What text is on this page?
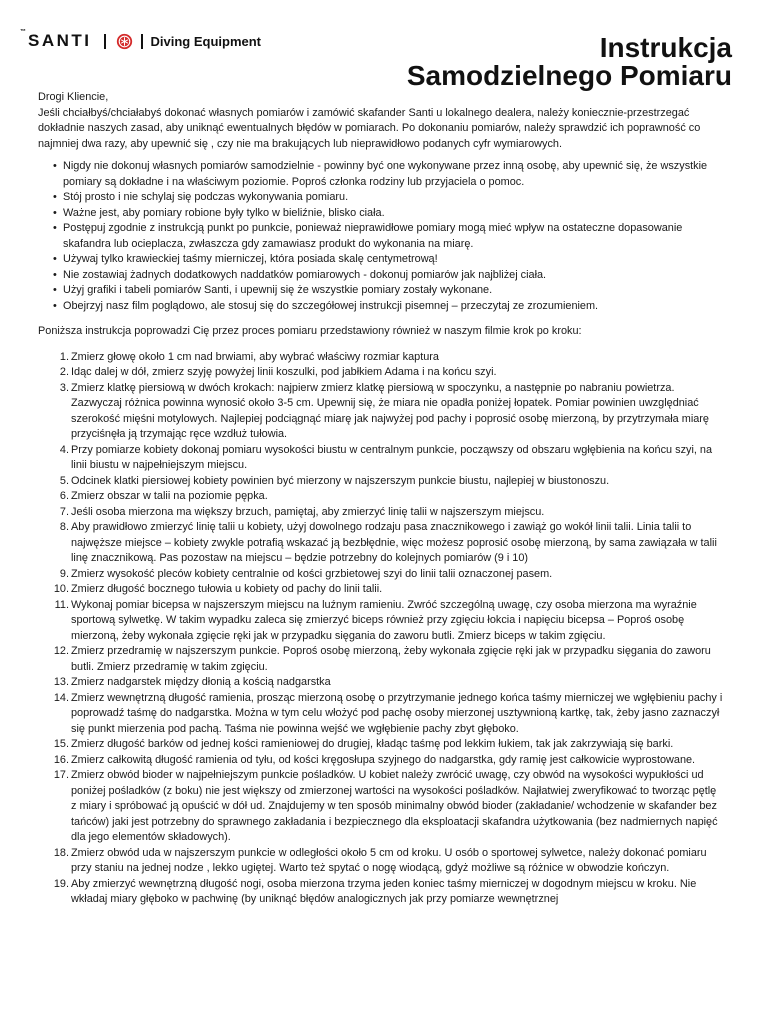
™ SANTI	Diving Equipment	Instrukcja
Samodzielnego Pomiaru

Drogi Kliencie,

Jeśli chciałbyś/chciałabyś dokonać własnych pomiarów i zamówić skafander Santi u lokalnego dealera, należy koniecznie-przestrzegać dokładnie naszych zasad, aby uniknąć ewentualnych błędów w pomiarach. Po dokonaniu pomiarów, należy sprawdzić ich poprawność co najmniej dwa razy, aby upewnić się , czy nie ma brakujących lub nieprawidłowo podanych cyfr wymiarowych.

• Nigdy nie dokonuj własnych pomiarów samodzielnie - powinny być one wykonywane przez inną osobę, aby upewnić się, że wszystkie pomiary są dokładne i na właściwym poziomie. Poproś członka rodziny lub przyjaciela o pomoc.
• Stój prosto i nie schylaj się podczas wykonywania pomiaru.
• Ważne jest, aby pomiary robione były tylko w bieliźnie, blisko ciała.
• Postępuj zgodnie z instrukcją punkt po punkcie, ponieważ nieprawidłowe pomiary mogą mieć wpływ na ostateczne dopasowanie skafandra lub ocieplacza, zwłaszcza gdy zamawiasz produkt do wykonania na miarę.
• Używaj tylko krawieckiej taśmy mierniczej, która posiada skalę centymetrową!
• Nie zostawiaj żadnych dodatkowych naddatków pomiarowych - dokonuj pomiarów jak najbliżej ciała.
• Użyj grafiki i tabeli pomiarów Santi, i upewnij się że wszystkie pomiary zostały wykonane.
• Obejrzyj nasz film poglądowo, ale stosuj się do szczegółowej instrukcji pisemnej – przeczytaj ze zrozumieniem.

Poniższa instrukcja poprowadzi Cię przez proces pomiaru przedstawiony również w naszym filmie krok po kroku:

1. Zmierz głowę około 1 cm nad brwiami, aby wybrać właściwy rozmiar kaptura
2. Idąc dalej w dół, zmierz szyję powyżej linii koszulki, pod jabłkiem Adama i na końcu szyi.
3. Zmierz klatkę piersiową w dwóch krokach: najpierw zmierz klatkę piersiową w spoczynku, a następnie po nabraniu powietrza. Zazwyczaj różnica powinna wynosić około 3-5 cm. Upewnij się, że miara nie opadła poniżej łopatek. Pomiar powinien uwzględniać szerokość mięśni motylowych. Najlepiej podciągnąć miarę jak najwyżej pod pachy i poprosić osobę mierzoną, by przytrzymała miarę przyciśnęła ją trzymając ręce wzdłuż tułowia.
4. Przy pomiarze kobiety dokonaj pomiaru wysokości biustu w centralnym punkcie, począwszy od obszaru wgłębienia na końcu szyi, na linii biustu w najpełniejszym miejscu.
5. Odcinek klatki piersiowej kobiety powinien być mierzony w najszerszym punkcie biustu, najlepiej w biustonoszu.
6. Zmierz obszar w talii na poziomie pępka.
7. Jeśli osoba mierzona ma większy brzuch, pamiętaj, aby zmierzyć linię talii w najszerszym miejscu.
8. Aby prawidłowo zmierzyć linię talii u kobiety, użyj dowolnego rodzaju pasa znacznikowego i zawiąż go wokół linii talii. Linia talii to najwęższe miejsce – kobiety zwykle potrafią wskazać ją bezbłędnie, więc możesz poprosić osobę mierzoną, by sama zawiązała w talii linę znacznikową. Pas pozostaw na miejscu – będzie potrzebny do kolejnych pomiarów (9 i 10)
9. Zmierz wysokość pleców kobiety centralnie od kości grzbietowej szyi do linii talii oznaczonej pasem.
10. Zmierz długość bocznego tułowia u kobiety od pachy do linii talii.
11. Wykonaj pomiar bicepsa w najszerszym miejscu na luźnym ramieniu. Zwróć szczególną uwagę, czy osoba mierzona ma wyraźnie sportową sylwetkę. W takim wypadku zaleca się zmierzyć biceps również przy zgięciu łokcia i napięciu bicepsa – Poproś osobę mierzoną, żeby wykonała zgięcie ręki jak w przypadku sięgania do zaworu butli. Zmierz biceps w takim zgięciu.
12. Zmierz przedramię w najszerszym punkcie. Poproś osobę mierzoną, żeby wykonała zgięcie ręki jak w przypadku sięgania do zaworu butli. Zmierz przedramię w takim zgięciu.
13. Zmierz nadgarstek między dłonią a kością nadgarstka
14. Zmierz wewnętrzną długość ramienia, prosząc mierzoną osobę o przytrzymanie jednego końca taśmy mierniczej we wgłębieniu pachy i poprowadź taśmę do nadgarstka. Można w tym celu włożyć pod pachę osoby mierzonej usztywnioną kartkę, tak, żeby jasno zaznaczył się punkt mierzenia pod pachą. Taśma nie powinna wejść we wgłębienie pachy zbyt głęboko.
15. Zmierz długość barków od jednej kości ramieniowej do drugiej, kładąc taśmę pod lekkim łukiem, tak jak zakrzywiają się barki.
16. Zmierz całkowitą długość ramienia od tyłu, od kości kręgosłupa szyjnego do nadgarstka, gdy ramię jest całkowicie wyprostowane.
17. Zmierz obwód bioder w najpełniejszym punkcie pośladków. U kobiet należy zwrócić uwagę, czy obwód na wysokości wypukłości ud poniżej pośladków (z boku) nie jest większy od zmierzonej wartości na wysokości pośladków. Najłatwiej zweryfikować to tworząc pętlę z miary i spróbować ją opuścić w dół ud. Znajdujemy w ten sposób minimalny obwód bioder (zakładanie/ wchodzenie w skafander bez tańców) jaki jest potrzebny do sprawnego zakładania i bezpiecznego dla eksploatacji skafandra użytkowania (bez nadmiernych napięć dla jego elementów składowych).
18. Zmierz obwód uda w najszerszym punkcie w odległości około 5 cm od kroku. U osób o sportowej sylwetce, należy dokonać pomiaru przy staniu na jednej nodze , lekko ugiętej. Warto też spytać o nogę wiodącą, gdyż możliwe są różnice w obwodzie kończyn.
19. Aby zmierzyć wewnętrzną długość nogi, osoba mierzona trzyma jeden koniec taśmy mierniczej w dogodnym miejscu w kroku. Nie wkładaj miary głęboko w pachwinę (by uniknąć błędów analogicznych jak przy pomiarze wewnętrznej
